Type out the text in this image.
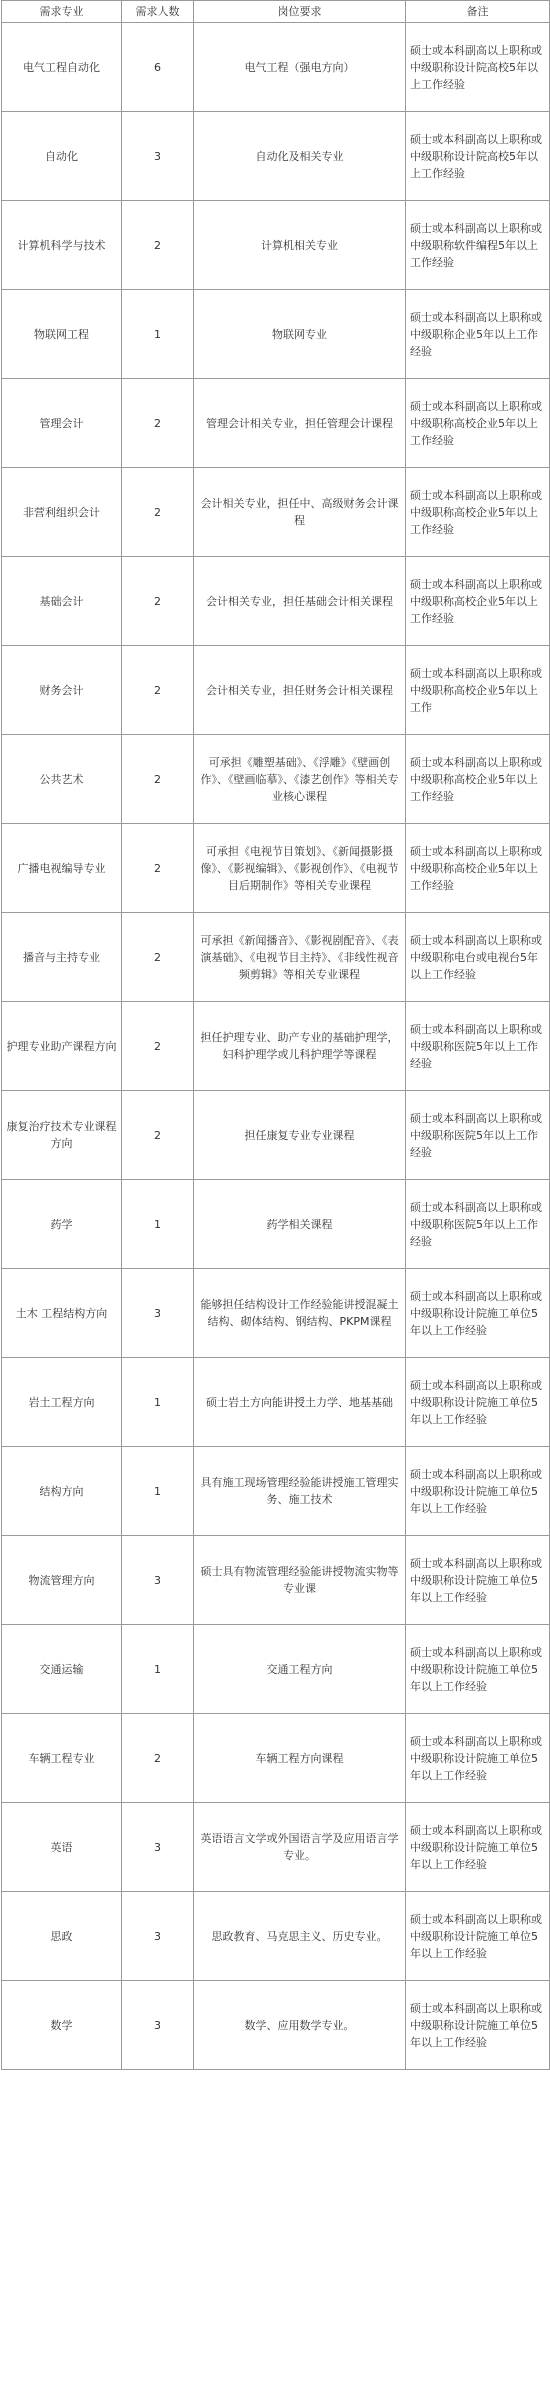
需求专业	需求人数	岗位要求	备注
电气工程自动化	6	电气工程（强电方向）	硕士或本科副高以上职称或中级职称设计院高校5年以上工作经验
自动化	3	自动化及相关专业	硕士或本科副高以上职称或中级职称设计院高校5年以上工作经验
计算机科学与技术	2	计算机相关专业	硕士或本科副高以上职称或中级职称软件编程5年以上工作经验
物联网工程	1	物联网专业	硕士或本科副高以上职称或中级职称企业5年以上工作经验
管理会计	2	管理会计相关专业，担任管理会计课程	硕士或本科副高以上职称或中级职称高校企业5年以上工作经验
非营利组织会计	2	会计相关专业，担任中、高级财务会计课程	硕士或本科副高以上职称或中级职称高校企业5年以上工作经验
基础会计	2	会计相关专业，担任基础会计相关课程	硕士或本科副高以上职称或中级职称高校企业5年以上工作经验
财务会计	2	会计相关专业，担任财务会计相关课程	硕士或本科副高以上职称或中级职称高校企业5年以上工作
公共艺术	2	可承担《雕塑基础》、《浮雕》《壁画创作》、《壁画临摹》、《漆艺创作》等相关专业核心课程	硕士或本科副高以上职称或中级职称高校企业5年以上工作经验
广播电视编导专业	2	可承担《电视节目策划》、《新闻摄影摄像》、《影视编辑》、《影视创作》、《电视节目后期制作》等相关专业课程	硕士或本科副高以上职称或中级职称高校企业5年以上工作经验
播音与主持专业	2	可承担《新闻播音》、《影视剧配音》、《表演基础》、《电视节目主持》、《非线性视音频剪辑》等相关专业课程	硕士或本科副高以上职称或中级职称电台或电视台5年以上工作经验
护理专业助产课程方向	2	担任护理专业、助产专业的基础护理学，妇科护理学或儿科护理学等课程	硕士或本科副高以上职称或中级职称医院5年以上工作经验
康复治疗技术专业课程方向	2	担任康复专业专业课程	硕士或本科副高以上职称或中级职称医院5年以上工作经验
药学	1	药学相关课程	硕士或本科副高以上职称或中级职称医院5年以上工作经验
土木 工程结构方向	3	能够担任结构设计工作经验能讲授混凝土结构、砌体结构、钢结构、PKPM课程	硕士或本科副高以上职称或中级职称设计院施工单位5年以上工作经验
岩土工程方向	1	硕士岩土方向能讲授土力学、地基基础	硕士或本科副高以上职称或中级职称设计院施工单位5年以上工作经验
结构方向	1	具有施工现场管理经验能讲授施工管理实务、施工技术	硕士或本科副高以上职称或中级职称设计院施工单位5年以上工作经验
物流管理方向	3	硕士具有物流管理经验能讲授物流实物等专业课	硕士或本科副高以上职称或中级职称设计院施工单位5年以上工作经验
交通运输	1	交通工程方向	硕士或本科副高以上职称或中级职称设计院施工单位5年以上工作经验
车辆工程专业	2	车辆工程方向课程	硕士或本科副高以上职称或中级职称设计院施工单位5年以上工作经验
英语	3	英语语言文学或外国语言学及应用语言学专业。	硕士或本科副高以上职称或中级职称设计院施工单位5年以上工作经验
思政	3	思政教育、马克思主义、历史专业。	硕士或本科副高以上职称或中级职称设计院施工单位5年以上工作经验
数学	3	数学、应用数学专业。	硕士或本科副高以上职称或中级职称设计院施工单位5年以上工作经验
